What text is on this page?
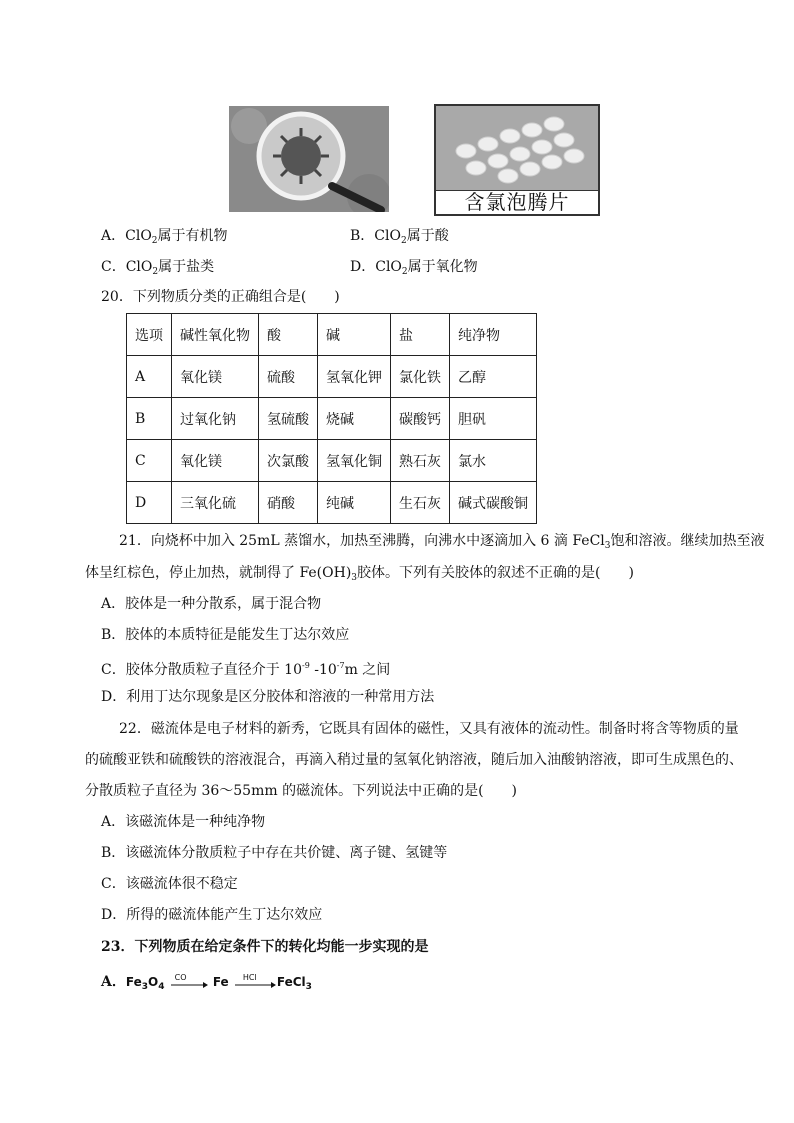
含氯泡腾片
A．ClO$_2$属于有机物	B．ClO$_2$属于酸
C．ClO$_2$属于盐类	D．ClO$_2$属于氧化物
20．下列物质分类的正确组合是(　　)
选项	碱性氧化物	酸	碱	盐	纯净物
A	氧化镁	硫酸	氢氧化钾	氯化铁	乙醇
B	过氧化钠	氢硫酸	烧碱	碳酸钙	胆矾
C	氧化镁	次氯酸	氢氧化铜	熟石灰	氯水
D	三氧化硫	硝酸	纯碱	生石灰	碱式碳酸铜
21．向烧杯中加入 25mL 蒸馏水，加热至沸腾，向沸水中逐滴加入 6 滴 FeCl$_3$饱和溶液。继续加热至液
体呈红棕色，停止加热，就制得了 $Fe(OH)_3$胶体。下列有关胶体的叙述不正确的是(　　)
A．胶体是一种分散系，属于混合物
B．胶体的本质特征是能发生丁达尔效应
C．胶体分散质粒子直径介于 $10^{-9}$ $-10^{-7}m$ 之间
D．利用丁达尔现象是区分胶体和溶液的一种常用方法
22．磁流体是电子材料的新秀，它既具有固体的磁性，又具有液体的流动性。制备时将含等物质的量
的硫酸亚铁和硫酸铁的溶液混合，再滴入稍过量的氢氧化钠溶液，随后加入油酸钠溶液，即可生成黑色的、
分散质粒子直径为 36～55mm 的磁流体。下列说法中正确的是(　　)
A．该磁流体是一种纯净物
B．该磁流体分散质粒子中存在共价键、离子键、氢键等
C．该磁流体很不稳定
D．所得的磁流体能产生丁达尔效应
23．下列物质在给定条件下的转化均能一步实现的是
A．$Fe_3O_4$
CO Fe HCl FeCl$_3$
